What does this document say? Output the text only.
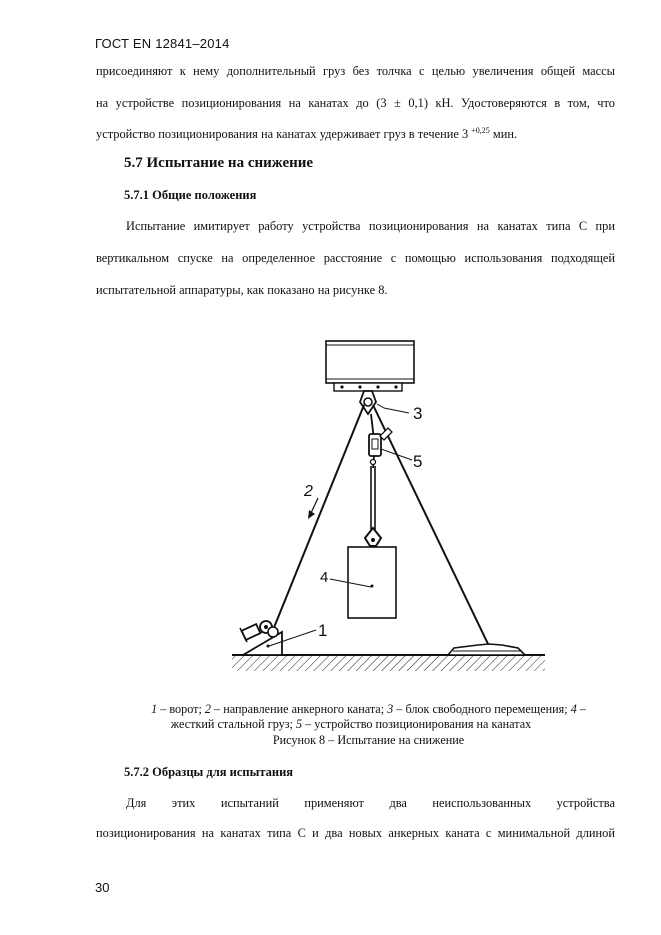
ГОСТ EN 12841–2014
присоединяют к нему дополнительный груз без толчка с целью увеличения общей массы
на устройстве позиционирования на канатах до (3 ± 0,1) кН. Удостоверяются в том, что
устройство позиционирования на канатах удерживает груз в течение 3 $^{+0,25}$ мин.
5.7 Испытание на снижение
5.7.1 Общие положения
Испытание имитирует работу устройства позиционирования на канатах типа С при
вертикальном спуске на определенное расстояние с помощью использования подходящей
испытательной аппаратуры, как показано на рисунке 8.
3
5
4
1
2
1 – ворот; 2 – направление анкерного каната; 3 – блок свободного перемещения; 4 –
жесткий стальной груз; 5 – устройство позиционирования на канатах
Рисунок 8 – Испытание на снижение
5.7.2 Образцы для испытания
Для этих испытаний применяют два неиспользованных устройства
позиционирования на канатах типа С и два новых анкерных каната с минимальной длиной
30
